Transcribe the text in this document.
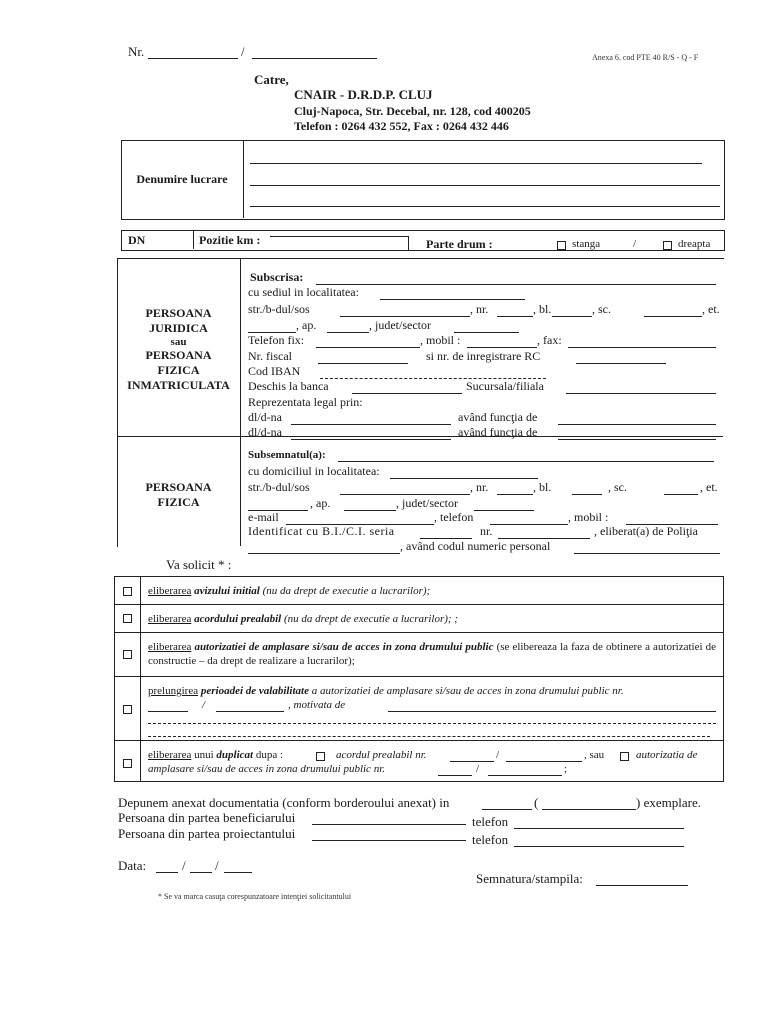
Nr.	/	Anexa 6. cod PTE 40 R/S - Q - F
Catre,
CNAIR - D.R.D.P. CLUJ
Cluj-Napoca, Str. Decebal, nr. 128, cod 400205
Telefon : 0264 432 552, Fax : 0264 432 446
Denumire lucrare
DN	Pozitie km :	Parte drum :	stanga	/	dreapta
PERSOANA
JURIDICA
sau
PERSOANA
FIZICA
INMATRICULATA
Subscrisa:
cu sediul in localitatea:
str./b-dul/sos	, nr.	, bl.	, sc.	, et.
, ap.	, judet/sector
Telefon fix:	, mobil :	, fax:
Nr. fiscal	si nr. de inregistrare RC
Cod IBAN
Deschis la banca	Sucursala/filiala
Reprezentata legal prin:
dl/d-na	având funcţia de
dl/d-na	având funcţia de
PERSOANA
FIZICA
Subsemnatul(a):
cu domiciliul in localitatea:
str./b-dul/sos	, nr.	, bl.	, sc.	, et.
, ap.	, judet/sector
e-mail	, telefon	, mobil :
Identificat cu B.I./C.I. seria	nr.	, eliberat(a) de Poliţia
, având codul numeric personal
Va solicit * :
eliberarea avizului initial (nu da drept de executie a lucrarilor);
eliberarea acordului prealabil (nu da drept de executie a lucrarilor); ;
eliberarea autorizatiei de amplasare si/sau de acces in zona drumului public (se elibereaza la faza de obtinere a autorizatiei de constructie – da drept de realizare a lucrarilor);
prelungirea perioadei de valabilitate a autorizatiei de amplasare si/sau de acces in zona drumului public nr.
/	, motivata de
eliberarea unui duplicat dupa :	acordul prealabil nr.	/	, sau	autorizatia de
amplasare si/sau de acces in zona drumului public nr.	/	;
Depunem anexat documentatia (conform borderoului anexat) in	(	) exemplare.
Persoana din partea beneficiarului	telefon
Persoana din partea proiectantului	telefon
Data:	/ /
Semnatura/stampila:
* Se va marca casuţa corespunzatoare intenţiei solicitantului
